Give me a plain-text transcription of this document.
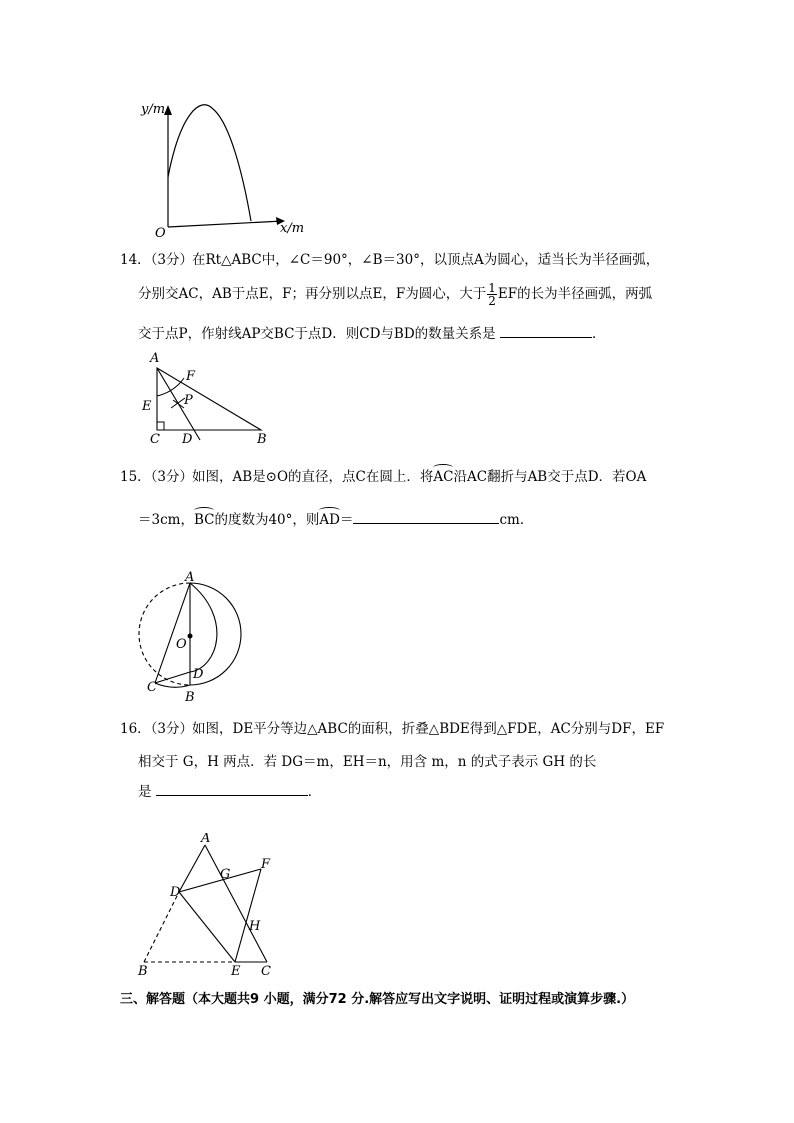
y/m
x/m
O
14．（3分）
在Rt△ABC中，∠C＝90°，∠B＝30°，以顶点A为圆心，适当长为半径画弧，
分别交AC，AB于点E，F；再分别以点E，F为圆心，大于 $\frac{1}{2}$ EF的长为半径画弧，两弧
交于点P，作射线AP交BC于点D．则CD与BD的数量关系是	．
A
F
E	P
C D	B
15．（3分）
如图，AB是⊙O的直径，点C在圆上．将AC沿AC翻折与AB交于点D．若OA
＝3cm，BC的度数为40°，则AD＝	cm．
A
O
D
C
B
16．（3分）
如图，DE平分等边△ABC的面积，折叠△BDE得到△FDE，AC分别与DF，EF
相交于 G，H 两点．若 DG＝m，EH＝n，用含 m，n 的式子表示 GH 的长
是	．
A
G
F
D
H
B	E C
三、解答题（本大题共9 小题，满分72 分.解答应写出文字说明、证明过程或演算步骤.）
